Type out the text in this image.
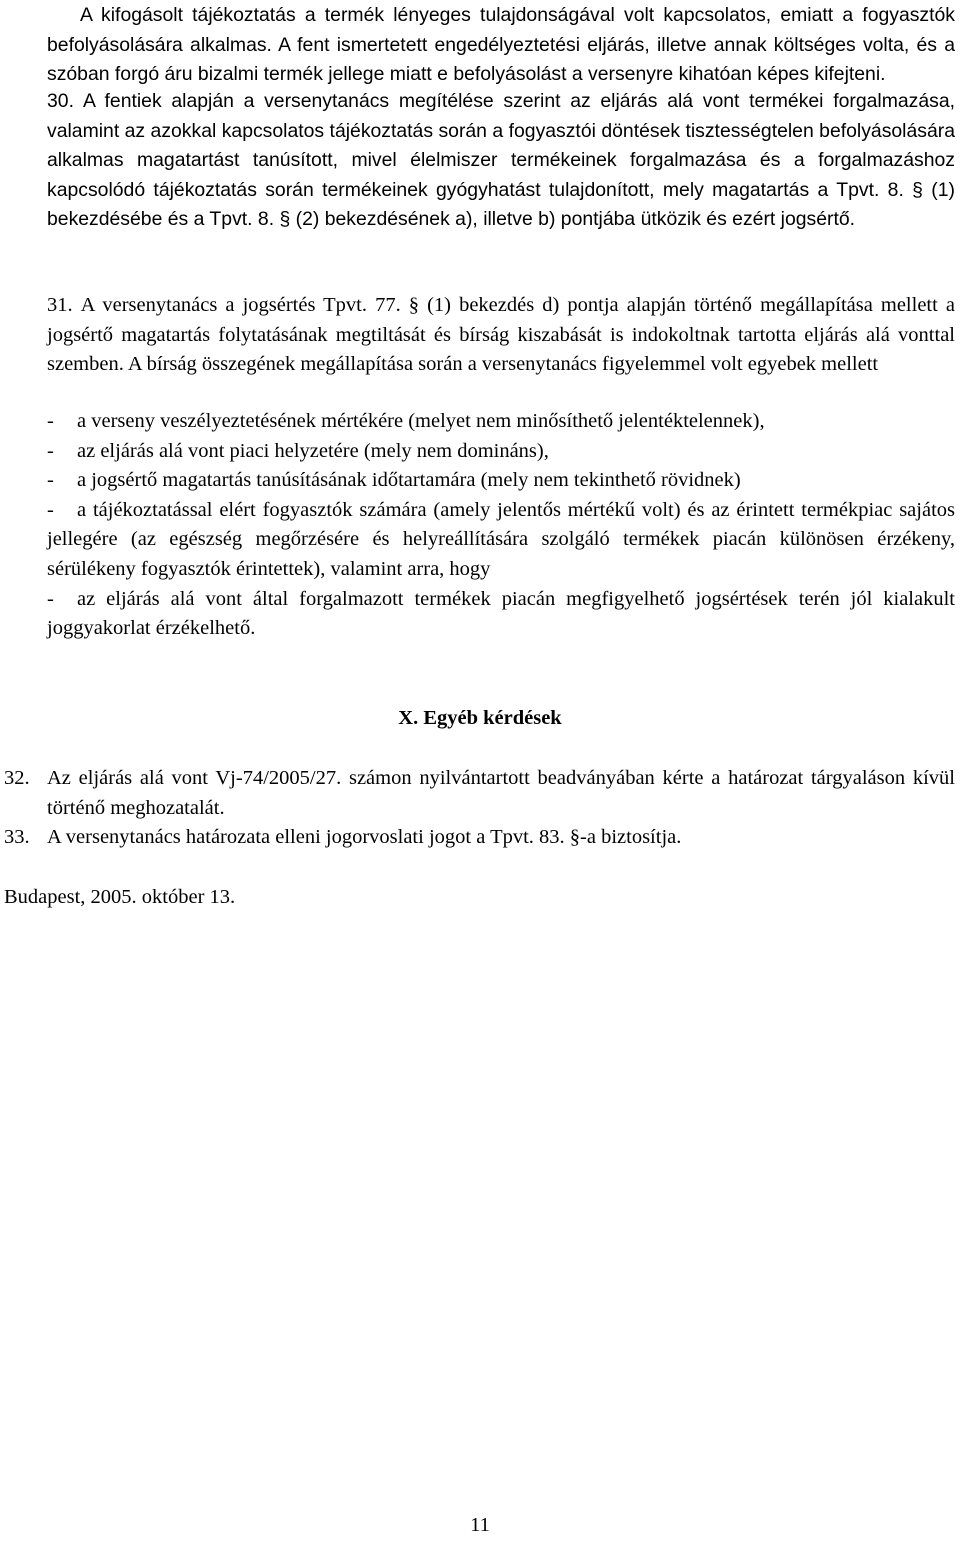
A kifogásolt tájékoztatás a termék lényeges tulajdonságával volt kapcsolatos, emiatt a fogyasztók befolyásolására alkalmas. A fent ismertetett engedélyeztetési eljárás, illetve annak költséges volta, és a szóban forgó áru bizalmi termék jellege miatt e befolyásolást a versenyre kihatóan képes kifejteni.

30. A fentiek alapján a versenytanács megítélése szerint az eljárás alá vont termékei forgalmazása, valamint az azokkal kapcsolatos tájékoztatás során a fogyasztói döntések tisztességtelen befolyásolására alkalmas magatartást tanúsított, mivel élelmiszer termékeinek forgalmazása és a forgalmazáshoz kapcsolódó tájékoztatás során termékeinek gyógyhatást tulajdonított, mely magatartás a Tpvt. 8. § (1) bekezdésébe és a Tpvt. 8. § (2) bekezdésének a), illetve b) pontjába ütközik és ezért jogsértő.

31. A versenytanács a jogsértés Tpvt. 77. § (1) bekezdés d) pontja alapján történő megállapítása mellett a jogsértő magatartás folytatásának megtiltását és bírság kiszabását is indokoltnak tartotta eljárás alá vonttal szemben. A bírság összegének megállapítása során a versenytanács figyelemmel volt egyebek mellett

- a verseny veszélyeztetésének mértékére (melyet nem minősíthető jelentéktelennek),
- az eljárás alá vont piaci helyzetére (mely nem domináns),
- a jogsértő magatartás tanúsításának időtartamára (mely nem tekinthető rövidnek)
- a tájékoztatással elért fogyasztók számára (amely jelentős mértékű volt) és az érintett termékpiac sajátos jellegére (az egészség megőrzésére és helyreállítására szolgáló termékek piacán különösen érzékeny, sérülékeny fogyasztók érintettek), valamint arra, hogy
- az eljárás alá vont által forgalmazott termékek piacán megfigyelhető jogsértések terén jól kialakult joggyakorlat érzékelhető.

X. Egyéb kérdések

32. Az eljárás alá vont Vj-74/2005/27. számon nyilvántartott beadványában kérte a határozat tárgyaláson kívül történő meghozatalát.
33. A versenytanács határozata elleni jogorvoslati jogot a Tpvt. 83. §-a biztosítja.

Budapest, 2005. október 13.

11
